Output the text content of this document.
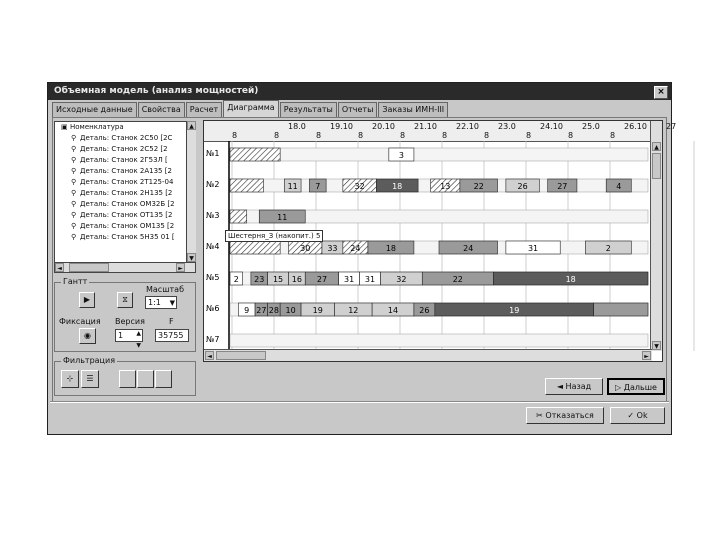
Объемная модель (анализ мощностей)	×
Исходные данные	Свойства	Расчет	Диаграмма	Результаты	Отчеты	Заказы ИМН-III
▣ Номенклатура
⚲ Деталь: Станок 2С50 [2С
⚲ Деталь: Станок 2С52 [2
⚲ Деталь: Станок 2Г53Л [
⚲ Деталь: Станок 2А135 [2
⚲ Деталь: Станок 2Т125-04
⚲ Деталь: Станок 2Н135 [2
⚲ Деталь: Станок ОМ32Б [2
⚲ Деталь: Станок ОТ135 [2
⚲ Деталь: Станок ОМ135 [2
⚲ Деталь: Станок 5Н35 01 [
▲
▼
◄	►
Гантт
▶	⧖
Масштаб
1:1 ▼
Фиксация Версия	F
◉	1 ▲
▼
35755
Фильтрация
⊹	☰
8
18.0
8
19.10
8
20.10
8
21.10
8
22.10
8
23.0
8
24.10
8
25.0
8
26.10
8
27
3
11 7	32	18	13	22	26	27	4
11
30 33 24	18	24	31	2
2 23 15 16 27 31 31	32	22	18
9 27 28 10 19	12	14	26	19
№1
№2
№3
№4
№5
№6
№7
Шестерня_З (накопит.) 5
▲
▼
◄	►
◄ Назад	▷ Дальше
✂ Отказаться	✓ Ok
